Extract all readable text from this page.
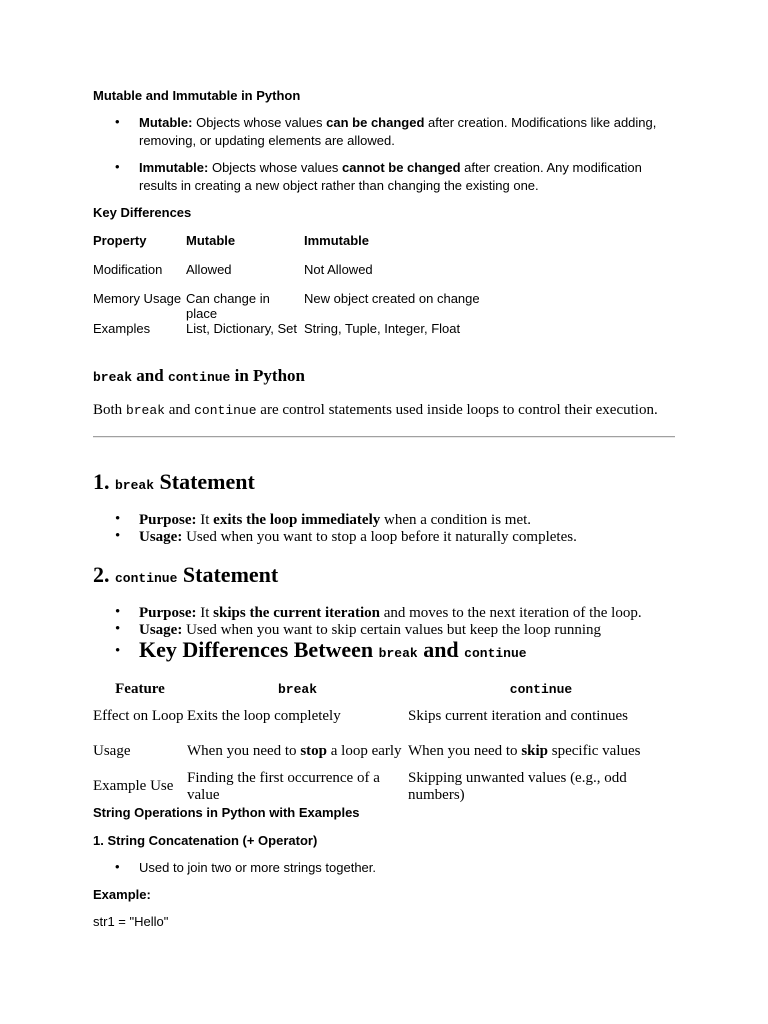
Mutable and Immutable in Python
• Mutable: Objects whose values can be changed after creation. Modifications like adding, removing, or updating elements are allowed.
• Immutable: Objects whose values cannot be changed after creation. Any modification results in creating a new object rather than changing the existing one.
Key Differences
Property	Mutable	Immutable
Modification	Allowed	Not Allowed
Memory Usage	Can change in place	New object created on change
Examples	List, Dictionary, Set	String, Tuple, Integer, Float
break and continue in Python
Both break and continue are control statements used inside loops to control their execution.
1. break Statement
• Purpose: It exits the loop immediately when a condition is met.
• Usage: Used when you want to stop a loop before it naturally completes.
2. continue Statement
• Purpose: It skips the current iteration and moves to the next iteration of the loop.
• Usage: Used when you want to skip certain values but keep the loop running
• Key Differences Between break and continue
Feature	break	continue
Effect on Loop	Exits the loop completely	Skips current iteration and continues
Usage	When you need to stop a loop early	When you need to skip specific values
Example Use	Finding the first occurrence of a value	Skipping unwanted values (e.g., odd numbers)
String Operations in Python with Examples
1. String Concatenation (+ Operator)
• Used to join two or more strings together.
Example:
str1 = "Hello"
